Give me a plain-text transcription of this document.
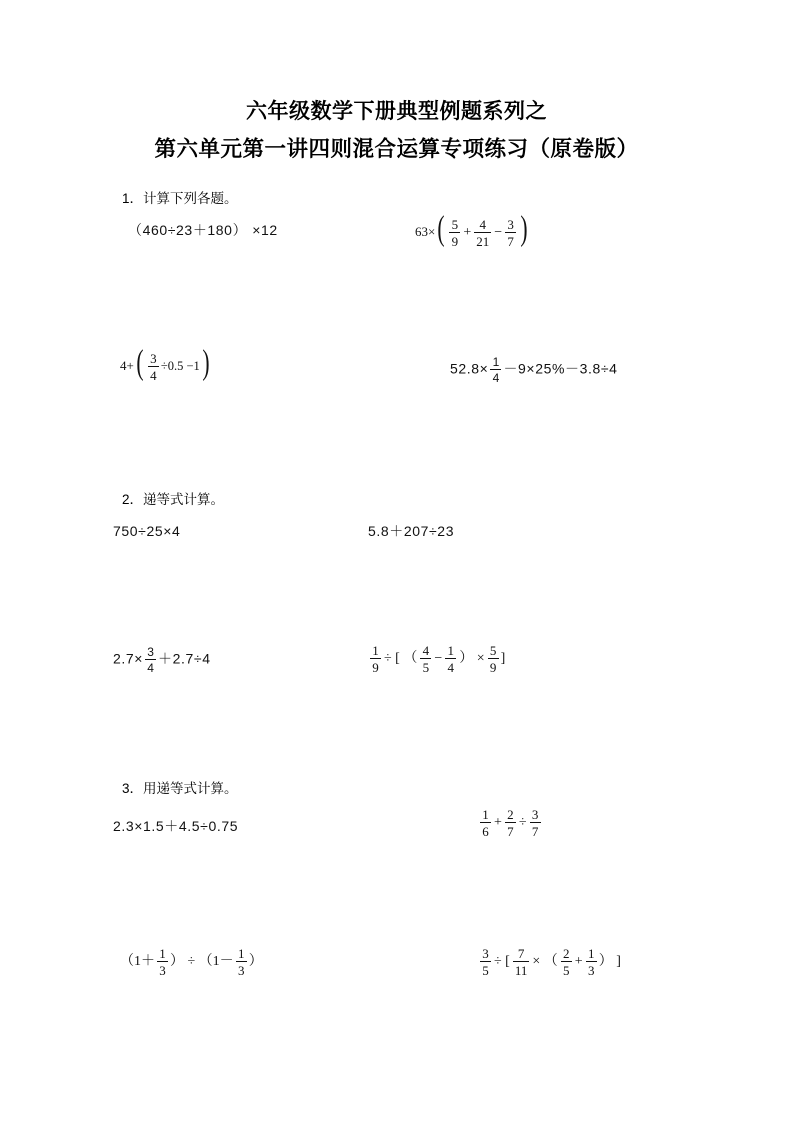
六年级数学下册典型例题系列之
第六单元第一讲四则混合运算专项练习（原卷版）
1．计算下列各题。
（460÷23＋180） ×12	$63\times( \frac{5}{9} + \frac{4}{21} - \frac{3}{7}$ )
$4+( \frac{3}{4} \div 0.5 -1)$	$52.8\times \frac{1}{4} -9\times 25\%-3.8\div 4$
2．递等式计算。
750÷25×4	5.8＋207÷23
$2.7\times \frac{3}{4} +2.7\div 4$	$\frac{1}{9}$ ÷ [ （ $\frac{4}{5} - \frac{1}{4}$ ） × $\frac{5}{9}$ ]
3．用递等式计算。
2.3×1.5＋4.5÷0.75	$\frac{1}{6} + \frac{2}{7} \div \frac{3}{7}$
（$1+ \frac{1}{3}$ ） ÷ （$1- \frac{1}{3}$ ）	$\frac{3}{5}$ ÷ [ $\frac{7}{11}$ × （ $\frac{2}{5} + \frac{1}{3}$ ） ]
